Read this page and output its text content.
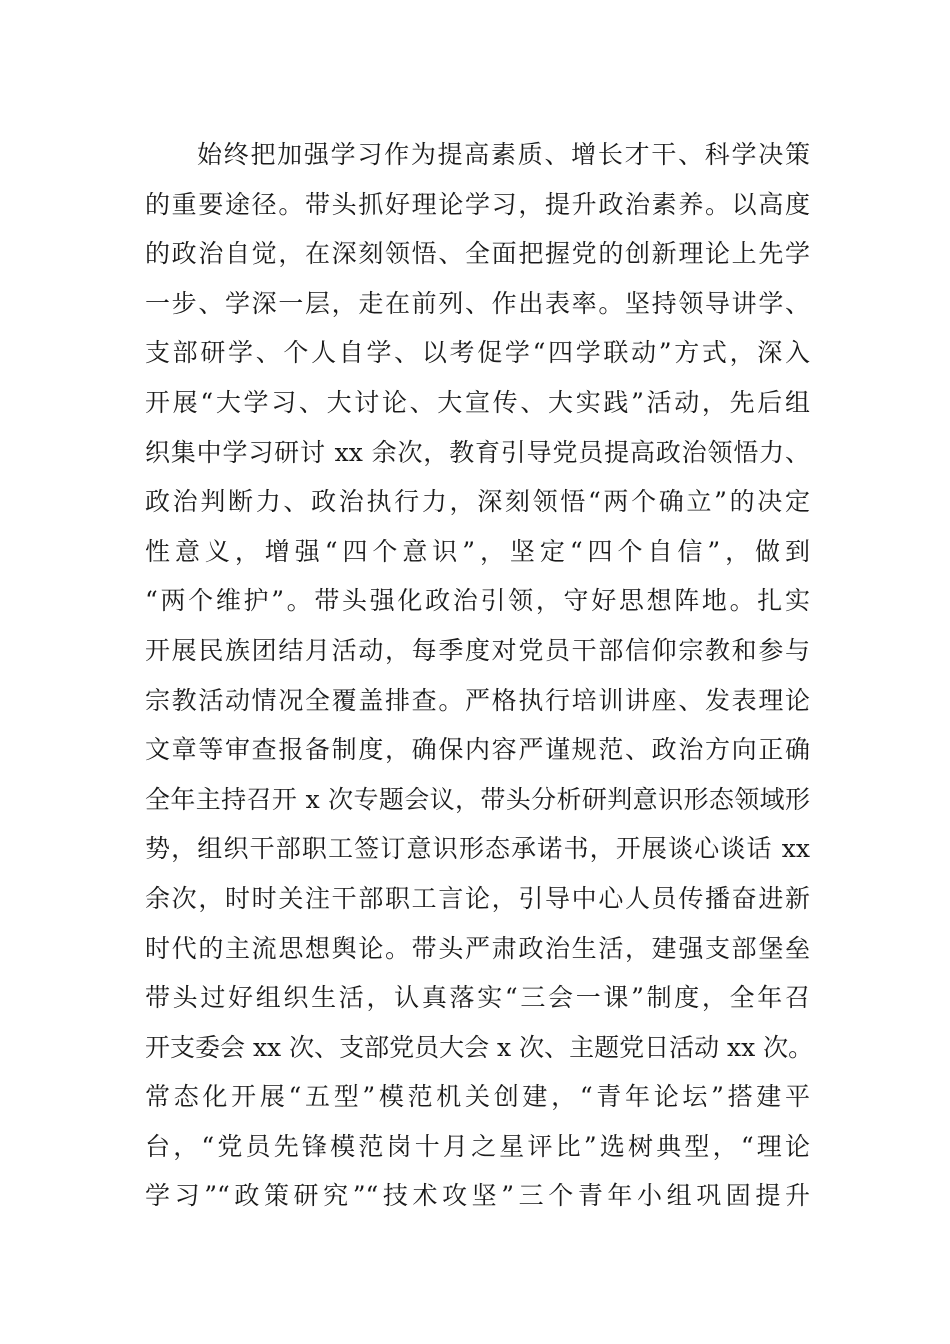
始终把加强学习作为提高素质、增长才干、科学决策
的重要途径。带头抓好理论学习，提升政治素养。以高度
的政治自觉，在深刻领悟、全面把握党的创新理论上先学
一步、学深一层，走在前列、作出表率。坚持领导讲学、
支部研学、个人自学、以考促学“四学联动”方式，深入
开展“大学习、大讨论、大宣传、大实践”活动，先后组
织集中学习研讨 xx 余次，教育引导党员提高政治领悟力、
政治判断力、政治执行力，深刻领悟“两个确立”的决定
性意义，增强“四个意识”，坚定“四个自信”，做到
“两个维护”。带头强化政治引领，守好思想阵地。扎实
开展民族团结月活动，每季度对党员干部信仰宗教和参与
宗教活动情况全覆盖排查。严格执行培训讲座、发表理论
文章等审查报备制度，确保内容严谨规范、政治方向正确
全年主持召开 x 次专题会议，带头分析研判意识形态领域形
势，组织干部职工签订意识形态承诺书，开展谈心谈话 xx
余次，时时关注干部职工言论，引导中心人员传播奋进新
时代的主流思想舆论。带头严肃政治生活，建强支部堡垒
带头过好组织生活，认真落实“三会一课”制度，全年召
开支委会 xx 次、支部党员大会 x 次、主题党日活动 xx 次。
常态化开展“五型”模范机关创建，“青年论坛”搭建平
台，“党员先锋模范岗十月之星评比”选树典型，“理论
学习”“政策研究”“技术攻坚”三个青年小组巩固提升
